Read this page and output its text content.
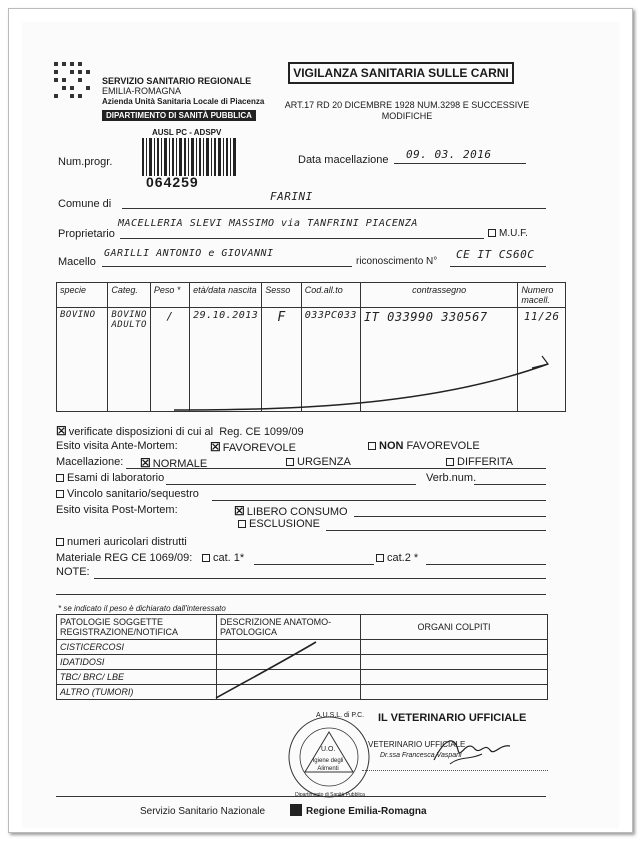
SERVIZIO SANITARIO REGIONALE
EMILIA-ROMAGNA
Azienda Unità Sanitaria Locale di Piacenza
DIPARTIMENTO DI SANITÀ PUBBLICA
VIGILANZA SANITARIA SULLE CARNI
ART.17 RD 20 DICEMBRE 1928 NUM.3298 E SUCCESSIVE
MODIFICHE
AUSL PC - ADSPV
064259
Num.progr.	Data macellazione 09. 03. 2016
Comune di
FARINI
Proprietario
MACELLERIA SLEVI MASSIMO via TANFRINI PIACENZA
M.U.F.
Macello
GARILLI ANTONIO e GIOVANNI
riconoscimento N°
CE IT CS60C
specie	Categ.	Peso *	età/data nascita	Sesso	Cod.all.to	contrassegno	Numero macell.
BOVINO	BOVINO ADULTO	/	29.10.2013	F	033PC033	IT 033990 330567	11/26
☒ verificate disposizioni di cui al Reg. CE 1099/09
Esito visita Ante-Mortem:	☒ FAVOREVOLE	NON FAVOREVOLE
Macellazione: ☒ NORMALE	URGENZA	DIFFERITA
Esami di laboratorio	Verb.num.
Vincolo sanitario/sequestro
Esito visita Post-Mortem:	☒ LIBERO CONSUMO
ESCLUSIONE
numeri auricolari distrutti
Materiale REG CE 1069/09:	cat. 1*	cat.2 *
NOTE:
* se indicato il peso è dichiarato dall'interessato
PATOLOGIE SOGGETTE REGISTRAZIONE/NOTIFICA	DESCRIZIONE ANATOMO-PATOLOGICA	ORGANI COLPITI
CISTICERCOSI		
IDATIDOSI		
TBC/ BRC/ LBE		
ALTRO (TUMORI)		
IL VETERINARIO UFFICIALE
A.U.S.L. di P.C.
U.O.
Igiene degli Alimenti
Dipartimento di Sanità Pubblica
VETERINARIO UFFICIALE
Dr.ssa Francesca Vaspani
Servizio Sanitario Nazionale	Regione Emilia-Romagna
